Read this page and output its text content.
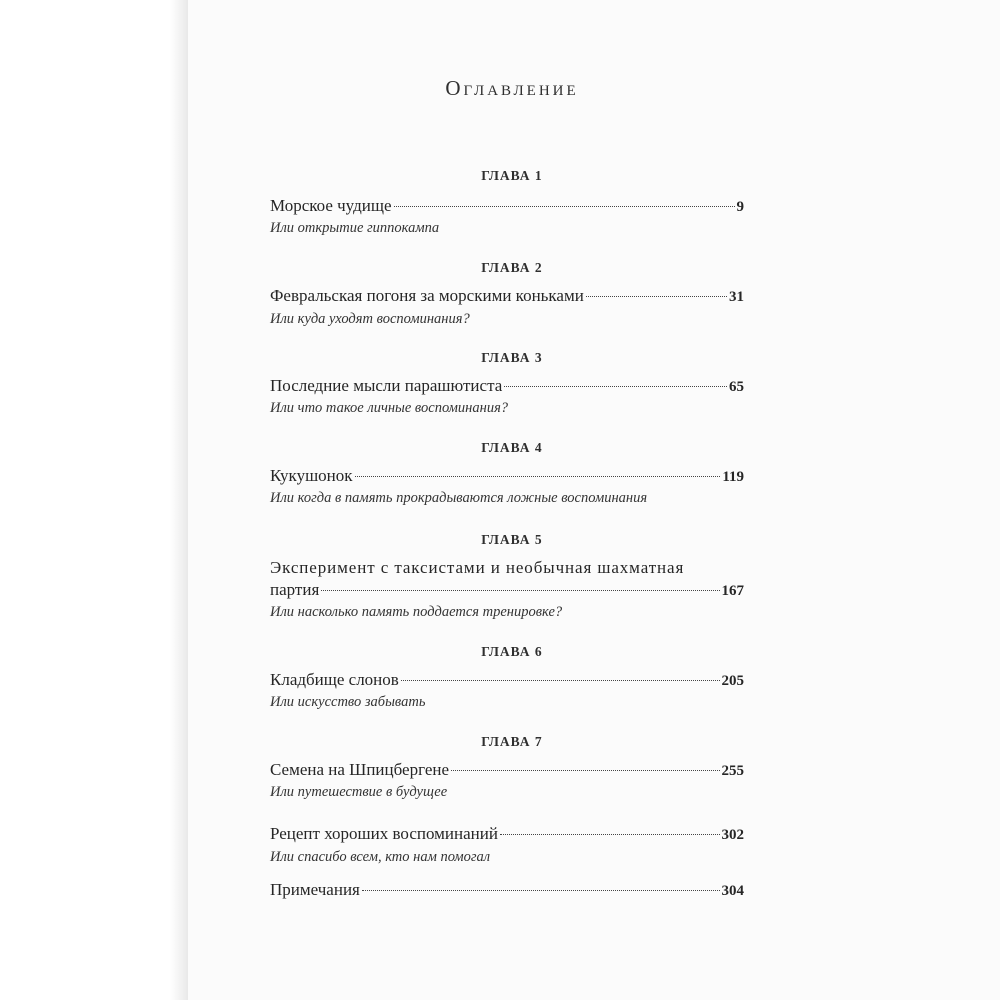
Оглавление
ГЛАВА 1
Морское чудище	9
Или открытие гиппокампа
ГЛАВА 2
Февральская погоня за морскими коньками	31
Или куда уходят воспоминания?
ГЛАВА 3
Последние мысли парашютиста	65
Или что такое личные воспоминания?
ГЛАВА 4
Кукушонок	119
Или когда в память прокрадываются ложные воспоминания
ГЛАВА 5
Эксперимент с таксистами и необычная шахматная
партия	167
Или насколько память поддается тренировке?
ГЛАВА 6
Кладбище слонов	205
Или искусство забывать
ГЛАВА 7
Семена на Шпицбергене	255
Или путешествие в будущее
Рецепт хороших воспоминаний	302
Или спасибо всем, кто нам помогал
Примечания	304
